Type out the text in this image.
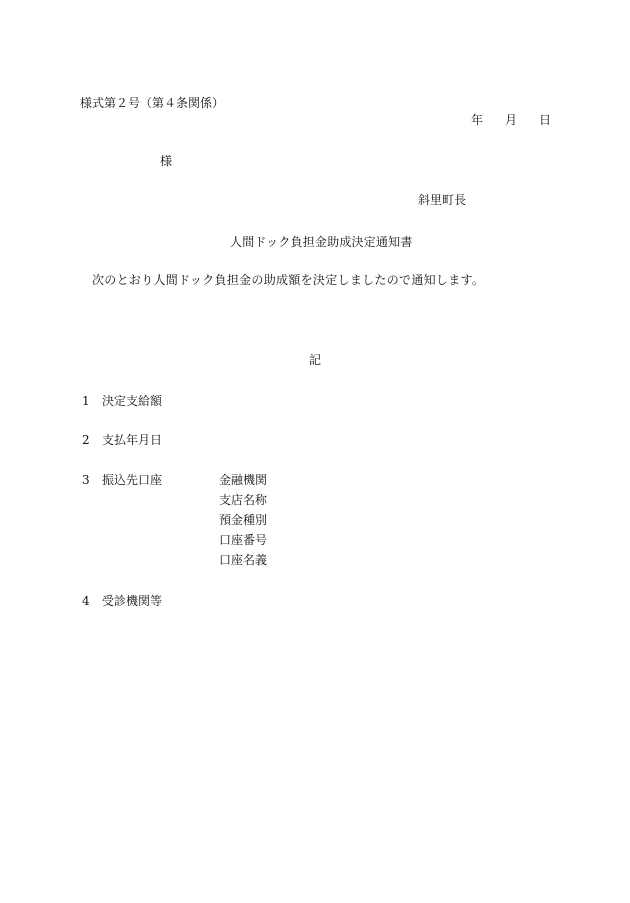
様式第２号（第４条関係）
年 月 日
様
斜里町長
人間ドック負担金助成決定通知書
次のとおり人間ドック負担金の助成額を決定しましたので通知します。
記
1 決定支給額
2 支払年月日
3 振込先口座	金融機関
支店名称
預金種別
口座番号
口座名義
4 受診機関等
